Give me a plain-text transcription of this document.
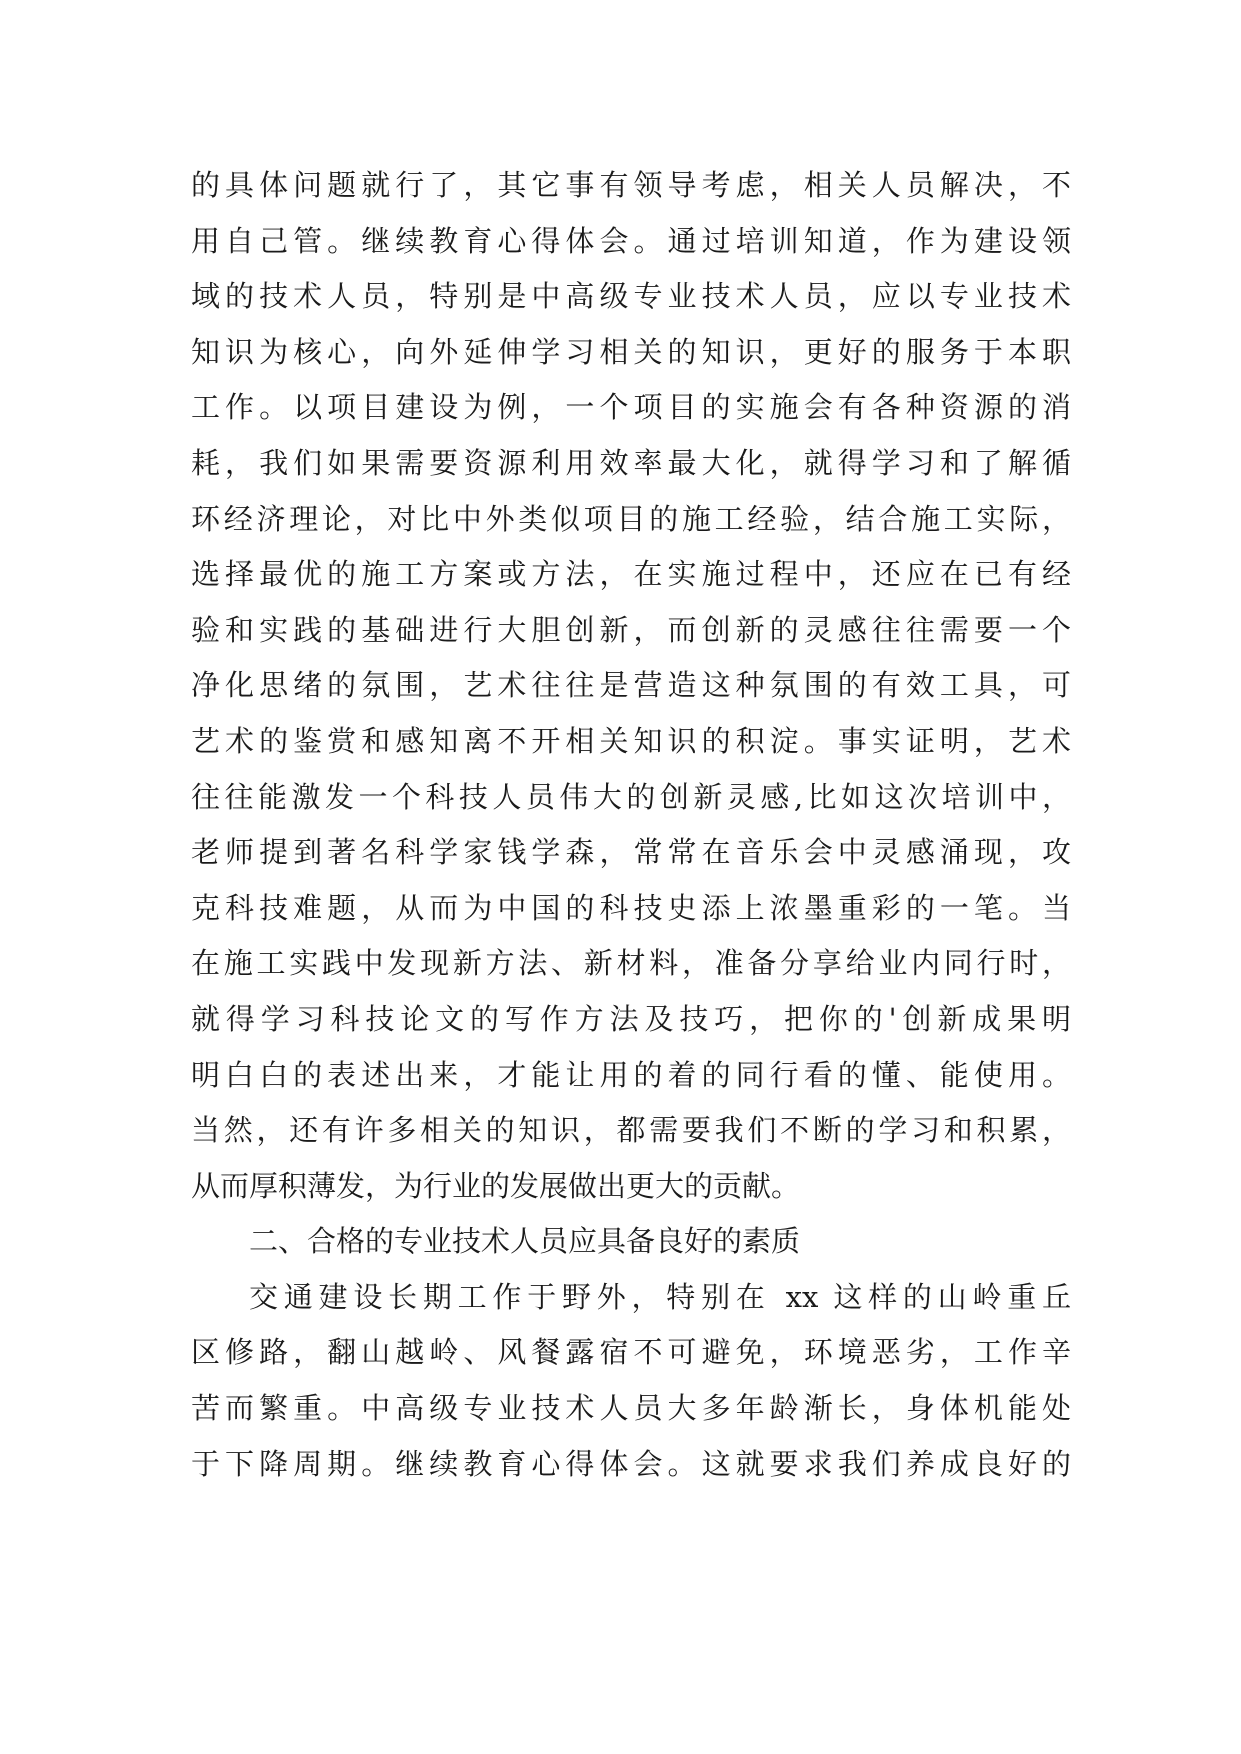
的具体问题就行了，其它事有领导考虑，相关人员解决，不
用自己管。继续教育心得体会。通过培训知道，作为建设领
域的技术人员，特别是中高级专业技术人员，应以专业技术
知识为核心，向外延伸学习相关的知识，更好的服务于本职
工作。以项目建设为例，一个项目的实施会有各种资源的消
耗，我们如果需要资源利用效率最大化，就得学习和了解循
环经济理论，对比中外类似项目的施工经验，结合施工实际，
选择最优的施工方案或方法，在实施过程中，还应在已有经
验和实践的基础进行大胆创新，而创新的灵感往往需要一个
净化思绪的氛围，艺术往往是营造这种氛围的有效工具，可
艺术的鉴赏和感知离不开相关知识的积淀。事实证明，艺术
往往能激发一个科技人员伟大的创新灵感,比如这次培训中，
老师提到著名科学家钱学森，常常在音乐会中灵感涌现，攻
克科技难题，从而为中国的科技史添上浓墨重彩的一笔。当
在施工实践中发现新方法、新材料，准备分享给业内同行时，
就得学习科技论文的写作方法及技巧，把你的'创新成果明
明白白的表述出来，才能让用的着的同行看的懂、能使用。
当然，还有许多相关的知识，都需要我们不断的学习和积累，
从而厚积薄发，为行业的发展做出更大的贡献。
二、合格的专业技术人员应具备良好的素质
交通建设长期工作于野外，特别在 xx 这样的山岭重丘
区修路，翻山越岭、风餐露宿不可避免，环境恶劣，工作辛
苦而繁重。中高级专业技术人员大多年龄渐长，身体机能处
于下降周期。继续教育心得体会。这就要求我们养成良好的
